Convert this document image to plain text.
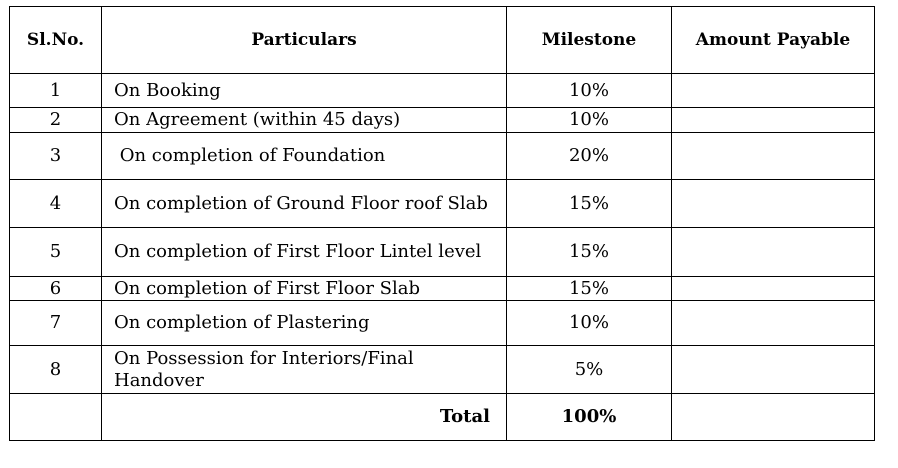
Sl.No.	Particulars	Milestone	Amount Payable
1	On Booking	10%	
2	On Agreement (within 45 days)	10%	
3	On completion of Foundation	20%	
4	On completion of Ground Floor roof Slab	15%	
5	On completion of First Floor Lintel level	15%	
6	On completion of First Floor Slab	15%	
7	On completion of Plastering	10%	
8	On Possession for Interiors/Final Handover	5%	
	Total	100%	
